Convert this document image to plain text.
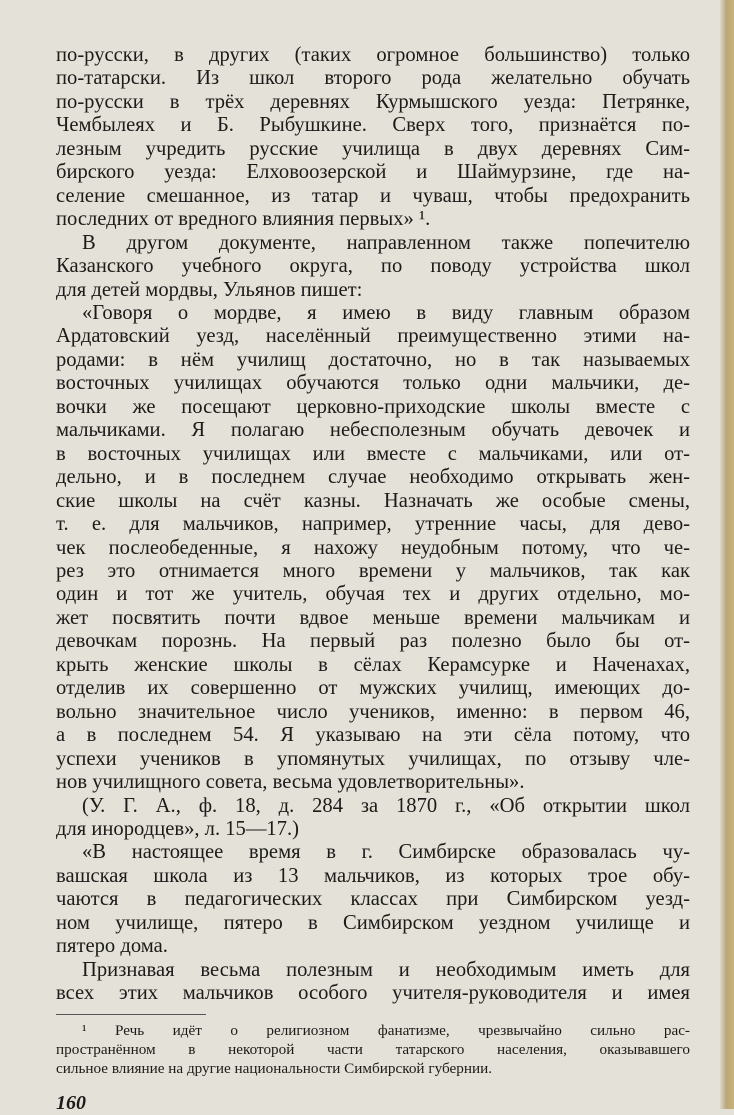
по-русски, в других (таких огромное большинство) только
по-татарски. Из школ второго рода желательно обучать
по-русски в трёх деревнях Курмышского уезда: Петрянке,
Чембылеях и Б. Рыбушкине. Сверх того, признаётся по-
лезным учредить русские училища в двух деревнях Сим-
бирского уезда: Елховоозерской и Шаймурзине, где на-
селение смешанное, из татар и чуваш, чтобы предохранить
последних от вредного влияния первых» ¹.
В другом документе, направленном также попечителю
Казанского учебного округа, по поводу устройства школ
для детей мордвы, Ульянов пишет:
«Говоря о мордве, я имею в виду главным образом
Ардатовский уезд, населённый преимущественно этими на-
родами: в нём училищ достаточно, но в так называемых
восточных училищах обучаются только одни мальчики, де-
вочки же посещают церковно-приходские школы вместе с
мальчиками. Я полагаю небесполезным обучать девочек и
в восточных училищах или вместе с мальчиками, или от-
дельно, и в последнем случае необходимо открывать жен-
ские школы на счёт казны. Назначать же особые смены,
т. е. для мальчиков, например, утренние часы, для дево-
чек послеобеденные, я нахожу неудобным потому, что че-
рез это отнимается много времени у мальчиков, так как
один и тот же учитель, обучая тех и других отдельно, мо-
жет посвятить почти вдвое меньше времени мальчикам и
девочкам порознь. На первый раз полезно было бы от-
крыть женские школы в сёлах Керамсурке и Наченахах,
отделив их совершенно от мужских училищ, имеющих до-
вольно значительное число учеников, именно: в первом 46,
а в последнем 54. Я указываю на эти сёла потому, что
успехи учеников в упомянутых училищах, по отзыву чле-
нов училищного совета, весьма удовлетворительны».
(У. Г. А., ф. 18, д. 284 за 1870 г., «Об открытии школ
для инородцев», л. 15—17.)
«В настоящее время в г. Симбирске образовалась чу-
вашская школа из 13 мальчиков, из которых трое обу-
чаются в педагогических классах при Симбирском уезд-
ном училище, пятеро в Симбирском уездном училище и
пятеро дома.
Признавая весьма полезным и необходимым иметь для
всех этих мальчиков особого учителя-руководителя и имея
¹ Речь идёт о религиозном фанатизме, чрезвычайно сильно рас-
пространённом в некоторой части татарского населения, оказывавшего
сильное влияние на другие национальности Симбирской губернии.
160
